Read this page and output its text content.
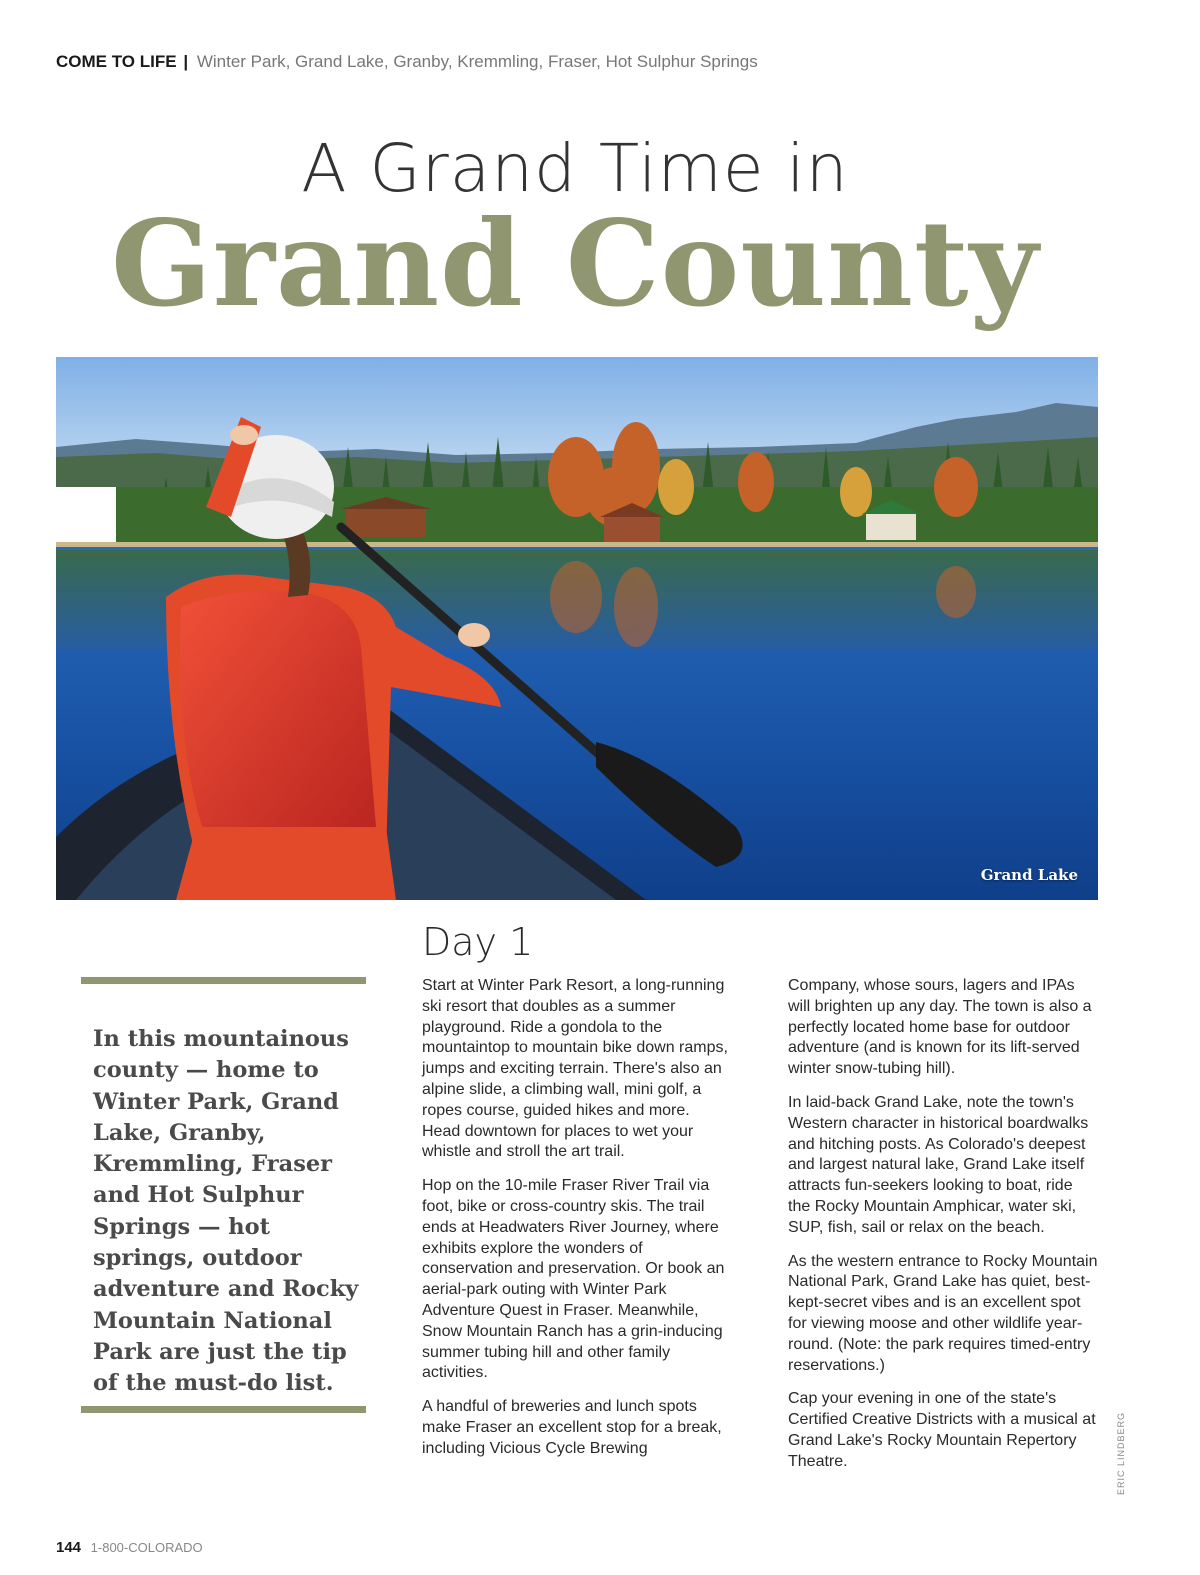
COME TO LIFE | Winter Park, Grand Lake, Granby, Kremmling, Fraser, Hot Sulphur Springs
A Grand Time in
Grand County
Grand Lake
Day 1
In this mountainous county — home to Winter Park, Grand Lake, Granby, Kremmling, Fraser and Hot Sulphur Springs — hot springs, outdoor adventure and Rocky Mountain National Park are just the tip of the must-do list.

Start at Winter Park Resort, a long-running ski resort that doubles as a summer playground. Ride a gondola to the mountaintop to mountain bike down ramps, jumps and exciting terrain. There's also an alpine slide, a climbing wall, mini golf, a ropes course, guided hikes and more. Head downtown for places to wet your whistle and stroll the art trail.

Hop on the 10-mile Fraser River Trail via foot, bike or cross-country skis. The trail ends at Headwaters River Journey, where exhibits explore the wonders of conservation and preservation. Or book an aerial-park outing with Winter Park Adventure Quest in Fraser. Meanwhile, Snow Mountain Ranch has a grin-inducing summer tubing hill and other family activities.

A handful of breweries and lunch spots make Fraser an excellent stop for a break, including Vicious Cycle Brewing

Company, whose sours, lagers and IPAs will brighten up any day. The town is also a perfectly located home base for outdoor adventure (and is known for its lift-served winter snow-tubing hill).

In laid-back Grand Lake, note the town's Western character in historical boardwalks and hitching posts. As Colorado's deepest and largest natural lake, Grand Lake itself attracts fun-seekers looking to boat, ride the Rocky Mountain Amphicar, water ski, SUP, fish, sail or relax on the beach.

As the western entrance to Rocky Mountain National Park, Grand Lake has quiet, best-kept-secret vibes and is an excellent spot for viewing moose and other wildlife year-round. (Note: the park requires timed-entry reservations.)

Cap your evening in one of the state's Certified Creative Districts with a musical at Grand Lake's Rocky Mountain Repertory Theatre.	ERIC LINDBERG
144 1-800-COLORADO
